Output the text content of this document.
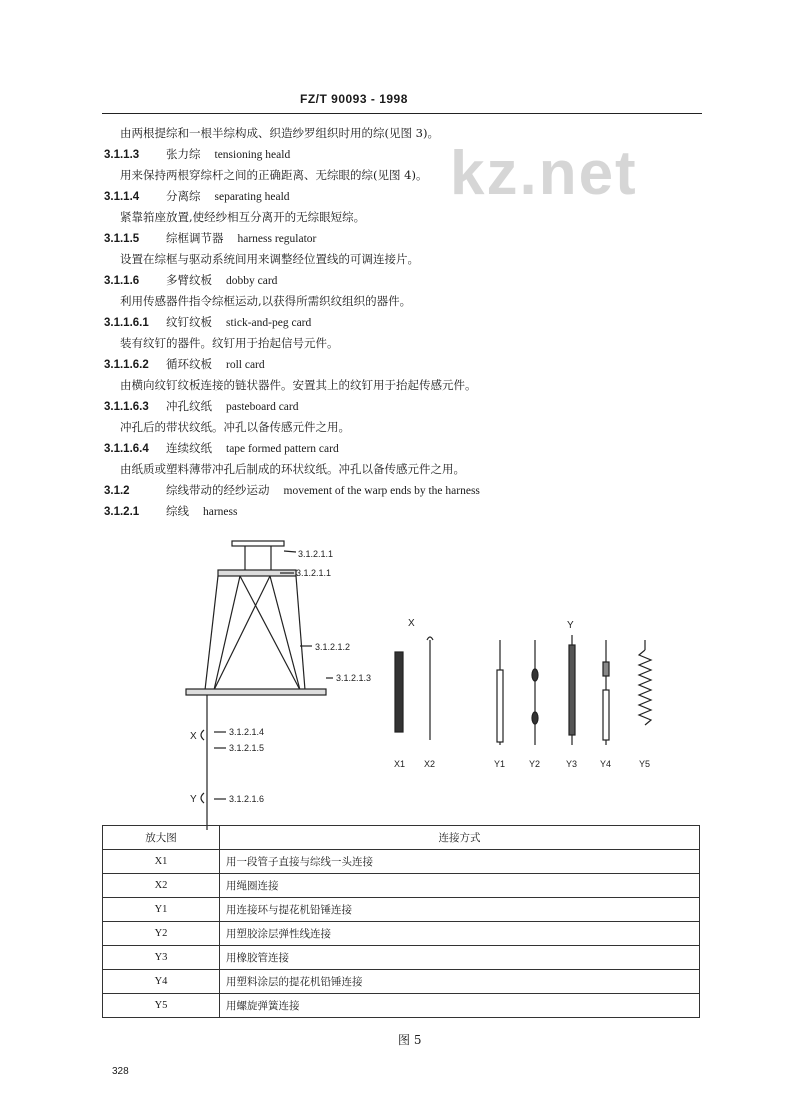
kz.net
FZ/T 90093 - 1998
由两根提综和一根半综构成、织造纱罗组织时用的综(见图 3)。
3.1.1.3 张力综 tensioning heald
用来保持两根穿综杆之间的正确距离、无综眼的综(见图 4)。
3.1.1.4 分离综 separating heald
紧靠筘座放置,使经纱相互分离开的无综眼短综。
3.1.1.5 综框调节器 harness regulator
设置在综框与驱动系统间用来调整经位置线的可调连接片。
3.1.1.6 多臂纹板 dobby card
利用传感器件指令综框运动,以获得所需织纹组织的器件。
3.1.1.6.1 纹钉纹板 stick-and-peg card
装有纹钉的器件。纹钉用于抬起信号元件。
3.1.1.6.2 循环纹板 roll card
由横向纹钉纹板连接的链状器件。安置其上的纹钉用于抬起传感元件。
3.1.1.6.3 冲孔纹纸 pasteboard card
冲孔后的带状纹纸。冲孔以备传感元件之用。
3.1.1.6.4 连续纹纸 tape formed pattern card
由纸质或塑料薄带冲孔后制成的环状纹纸。冲孔以备传感元件之用。
3.1.2	综线带动的经纱运动 movement of the warp ends by the harness
3.1.2.1 综线 harness
3.1.2.1.1
3.1.2.1.1
3.1.2.1.2
3.1.2.1.3
3.1.2.1.4
3.1.2.1.5
3.1.2.1.6
X
Y
X	Y
X1 X2	Y1	Y2	Y3	Y4	Y5
放大图	连接方式
X1	用一段管子直接与综线一头连接
X2	用绳圈连接
Y1	用连接环与提花机铅锤连接
Y2	用塑胶涂层弹性线连接
Y3	用橡胶管连接
Y4	用塑料涂层的提花机铅锤连接
Y5	用螺旋弹簧连接
图 5
328
